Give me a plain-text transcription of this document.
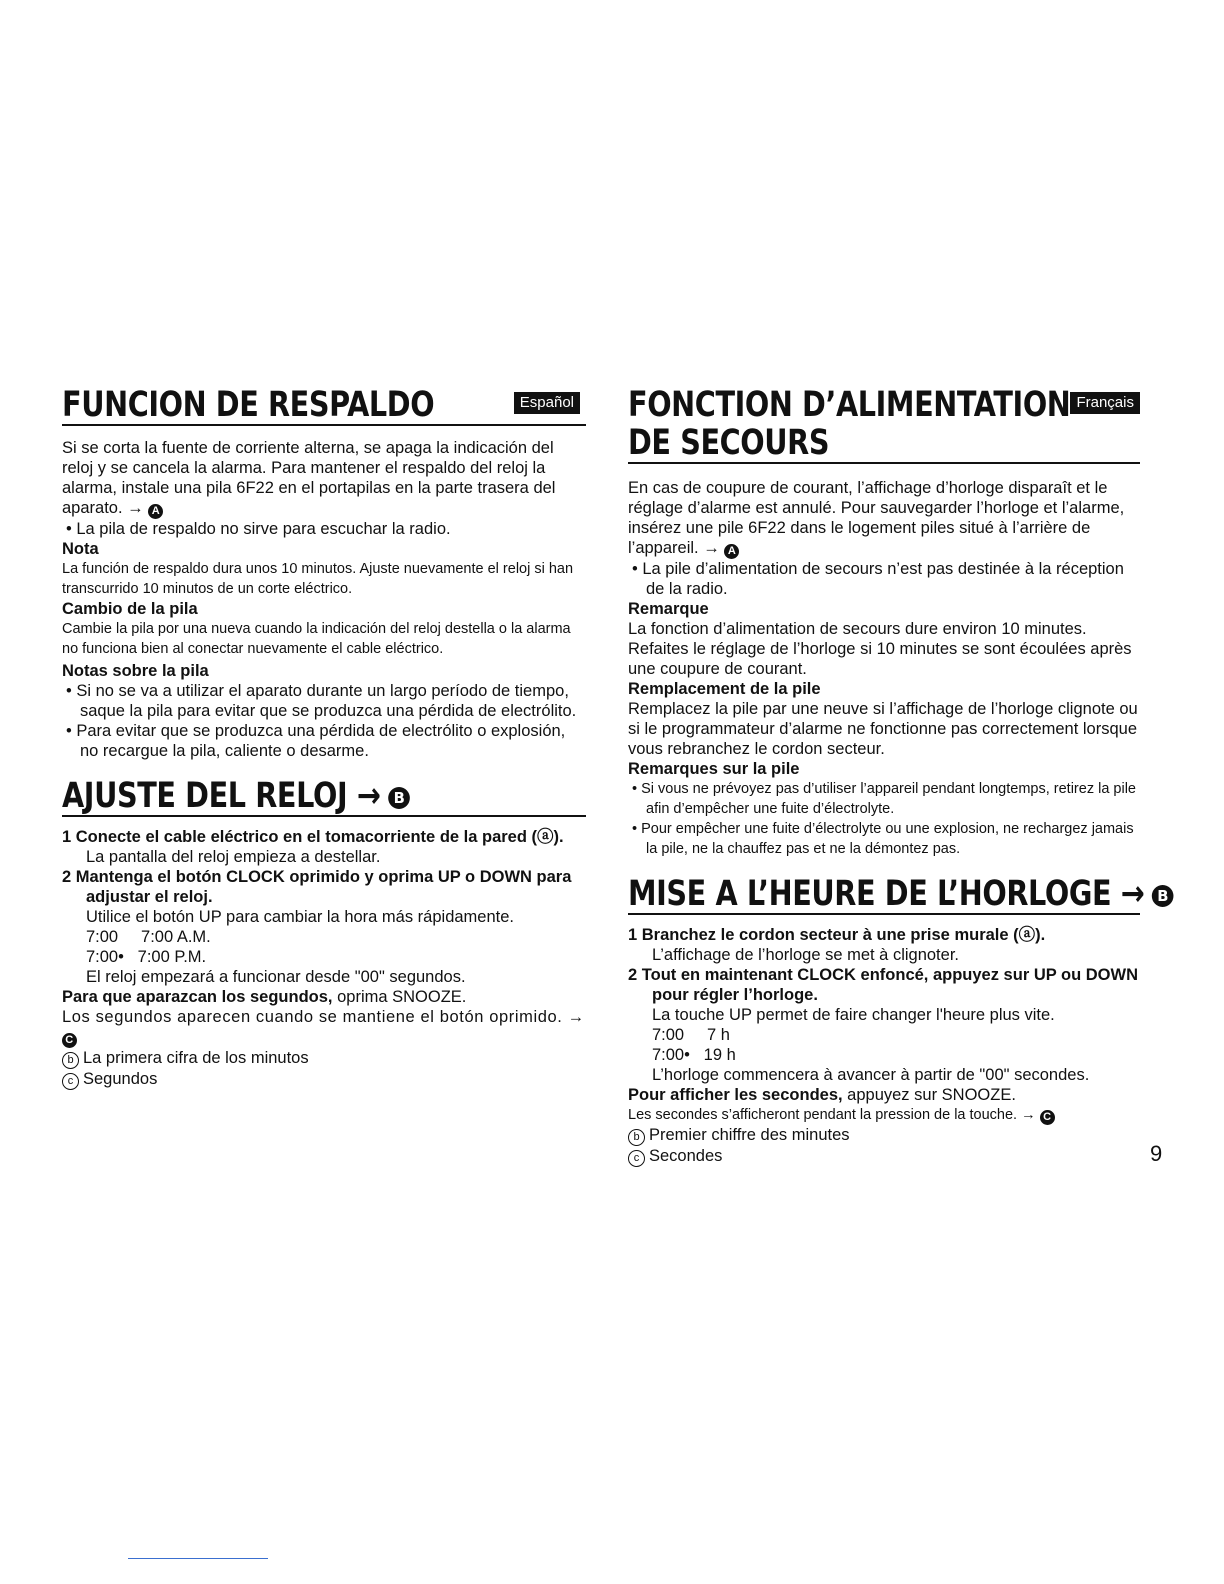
FUNCION DE RESPALDO	Español

Si se corta la fuente de corriente alterna, se apaga la indicación del reloj y se cancela la alarma. Para mantener el respaldo del reloj la alarma, instale una pila 6F22 en el portapilas en la parte trasera del aparato. → A

• La pila de respaldo no sirve para escuchar la radio.

Nota

La función de respaldo dura unos 10 minutos. Ajuste nuevamente el reloj si han transcurrido 10 minutos de un corte eléctrico.

Cambio de la pila

Cambie la pila por una nueva cuando la indicación del reloj destella o la alarma no funciona bien al conectar nuevamente el cable eléctrico.

Notas sobre la pila

• Si no se va a utilizar el aparato durante un largo período de tiempo, saque la pila para evitar que se produzca una pérdida de electrólito.

• Para evitar que se produzca una pérdida de electrólito o explosión, no recargue la pila, caliente o desarme.

AJUSTE DEL RELOJ → B

1 Conecte el cable eléctrico en el tomacorriente de la pared (ⓐ).

La pantalla del reloj empieza a destellar.

2 Mantenga el botón CLOCK oprimido y oprima UP o DOWN para adjustar el reloj.

Utilice el botón UP para cambiar la hora más rápidamente.

7:00     7:00 A.M.

7:00•   7:00 P.M.

El reloj empezará a funcionar desde "00" segundos.

Para que aparazcan los segundos, oprima SNOOZE.

Los segundos aparecen cuando se mantiene el botón oprimido. → C

b La primera cifra de los minutos

c Segundos

FONCTION D’ALIMENTATION
DE SECOURS
Français

En cas de coupure de courant, l’affichage d’horloge disparaît et le réglage d’alarme est annulé. Pour sauvegarder l’horloge et l’alarme, insérez une pile 6F22 dans le logement piles situé à l’arrière de l’appareil. → A

• La pile d’alimentation de secours n’est pas destinée à la réception de la radio.

Remarque

La fonction d’alimentation de secours dure environ 10 minutes. Refaites le réglage de l’horloge si 10 minutes se sont écoulées après une coupure de courant.

Remplacement de la pile

Remplacez la pile par une neuve si l’affichage de l’horloge clignote ou si le programmateur d’alarme ne fonctionne pas correctement lorsque vous rebranchez le cordon secteur.

Remarques sur la pile

• Si vous ne prévoyez pas d’utiliser l’appareil pendant longtemps, retirez la pile afin d’empêcher une fuite d’électrolyte.

• Pour empêcher une fuite d’électrolyte ou une explosion, ne rechargez jamais la pile, ne la chauffez pas et ne la démontez pas.

MISE A L’HEURE DE L’HORLOGE → B

1 Branchez le cordon secteur à une prise murale (ⓐ).

L’affichage de l’horloge se met à clignoter.

2 Tout en maintenant CLOCK enfoncé, appuyez sur UP ou DOWN pour régler l’horloge.

La touche UP permet de faire changer l'heure plus vite.

7:00     7 h

7:00•   19 h

L’horloge commencera à avancer à partir de "00" secondes.

Pour afficher les secondes, appuyez sur SNOOZE.

Les secondes s’afficheront pendant la pression de la touche. → C

b Premier chiffre des minutes

c Secondes	9
